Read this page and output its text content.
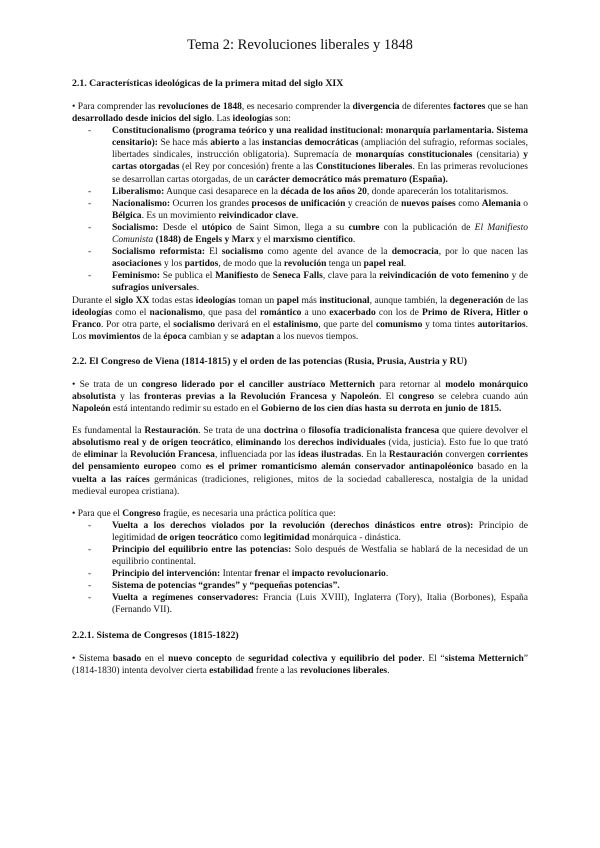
Tema 2: Revoluciones liberales y 1848
2.1. Características ideológicas de la primera mitad del siglo XIX

• Para comprender las revoluciones de 1848, es necesario comprender la divergencia de diferentes factores que se han desarrollado desde inicios del siglo. Las ideologías son:

- Constitucionalismo (programa teórico y una realidad institucional: monarquía parlamentaria. Sistema censitario): Se hace más abierto a las instancias democráticas (ampliación del sufragio, reformas sociales, libertades sindicales, instrucción obligatoria). Supremacía de monarquías constitucionales (censitaria) y cartas otorgadas (el Rey por concesión) frente a las Constituciones liberales. En las primeras revoluciones se desarrollan cartas otorgadas, de un carácter democrático más prematuro (España).
- Liberalismo: Aunque casi desaparece en la década de los años 20, donde aparecerán los totalitarismos.
- Nacionalismo: Ocurren los grandes procesos de unificación y creación de nuevos países como Alemania o Bélgica. Es un movimiento reivindicador clave.
- Socialismo: Desde el utópico de Saint Simon, llega a su cumbre con la publicación de El Manifiesto Comunista (1848) de Engels y Marx y el marxismo científico.
- Socialismo reformista: El socialismo como agente del avance de la democracia, por lo que nacen las asociaciones y los partidos, de modo que la revolución tenga un papel real.
- Feminismo: Se publica el Manifiesto de Seneca Falls, clave para la reivindicación de voto femenino y de sufragios universales.

Durante el siglo XX todas estas ideologías toman un papel más institucional, aunque también, la degeneración de las ideologías como el nacionalismo, que pasa del romántico a uno exacerbado con los de Primo de Rivera, Hitler o Franco. Por otra parte, el socialismo derivará en el estalinismo, que parte del comunismo y toma tintes autoritarios. Los movimientos de la época cambian y se adaptan a los nuevos tiempos.

2.2. El Congreso de Viena (1814-1815) y el orden de las potencias (Rusia, Prusia, Austria y RU)

• Se trata de un congreso liderado por el canciller austríaco Metternich para retornar al modelo monárquico absolutista y las fronteras previas a la Revolución Francesa y Napoleón. El congreso se celebra cuando aún Napoleón está intentando redimir su estado en el Gobierno de los cien días hasta su derrota en junio de 1815.

Es fundamental la Restauración. Se trata de una doctrina o filosofía tradicionalista francesa que quiere devolver el absolutismo real y de origen teocrático, eliminando los derechos individuales (vida, justicia). Esto fue lo que trató de eliminar la Revolución Francesa, influenciada por las ideas ilustradas. En la Restauración convergen corrientes del pensamiento europeo como es el primer romanticismo alemán conservador antinapoléonico basado en la vuelta a las raíces germánicas (tradiciones, religiones, mitos de la sociedad caballeresca, nostalgia de la unidad medieval europea cristiana).

• Para que el Congreso fragüe, es necesaria una práctica política que:

- Vuelta a los derechos violados por la revolución (derechos dinásticos entre otros): Principio de legitimidad de origen teocrático como legitimidad monárquica - dinástica.
- Principio del equilibrio entre las potencias: Solo después de Westfalia se hablará de la necesidad de un equilibrio continental.
- Principio del intervención: Intentar frenar el impacto revolucionario.
- Sistema de potencias “grandes” y “pequeñas potencias”.
- Vuelta a regímenes conservadores: Francia (Luis XVIII), Inglaterra (Tory), Italia (Borbones), España (Fernando VII).
2.2.1. Sistema de Congresos (1815-1822)

• Sistema basado en el nuevo concepto de seguridad colectiva y equilibrio del poder. El “sistema Metternich” (1814-1830) intenta devolver cierta estabilidad frente a las revoluciones liberales.
